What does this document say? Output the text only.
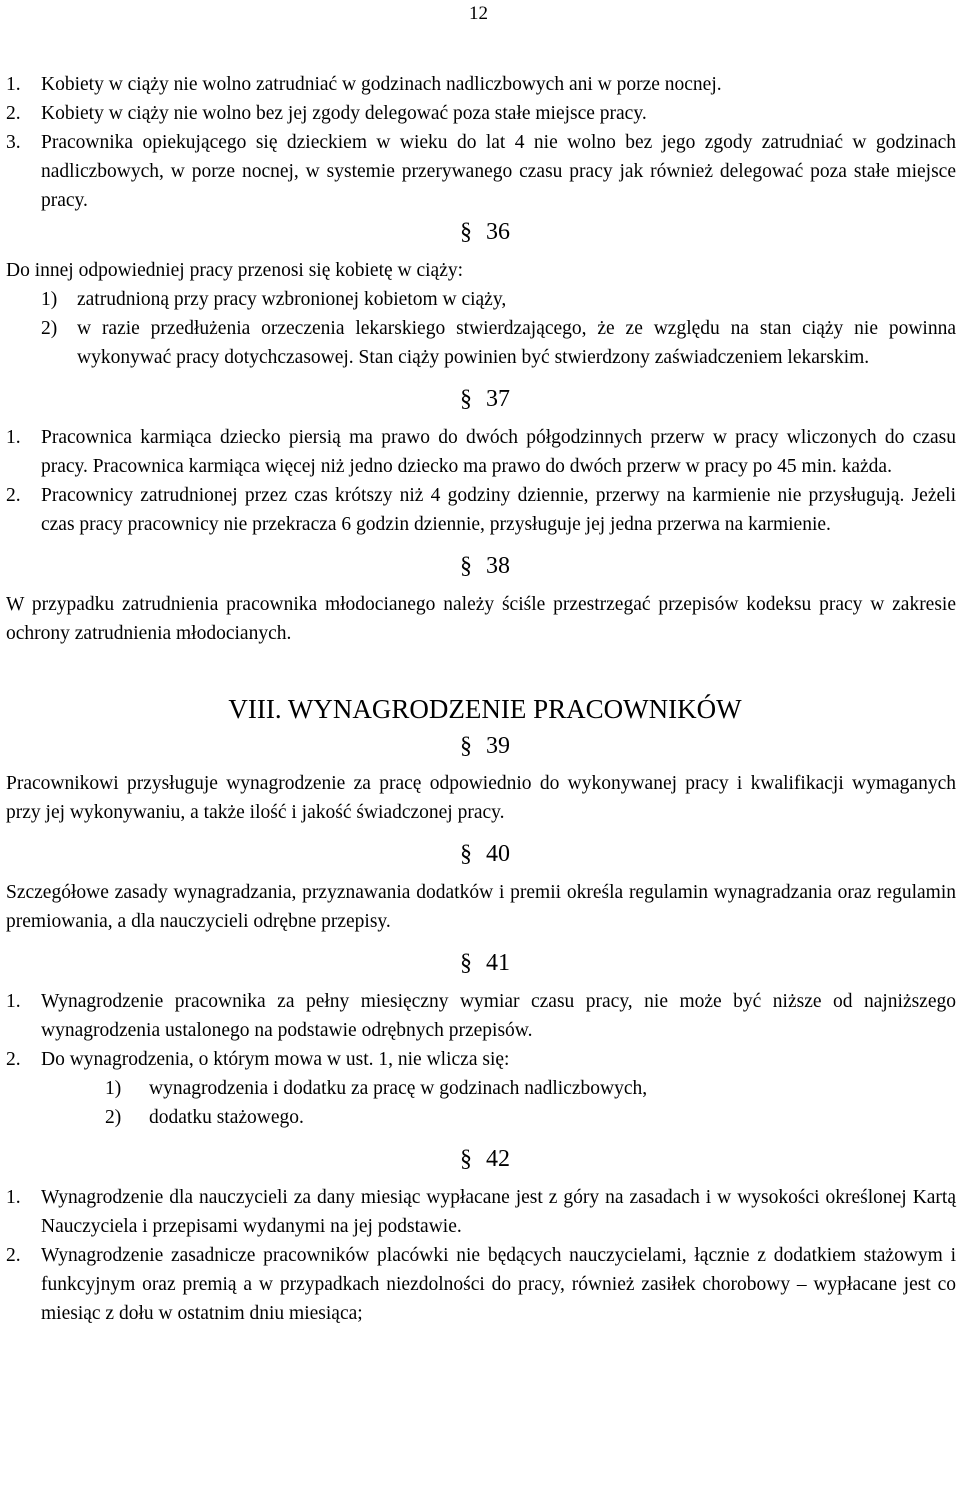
12
1. Kobiety w ciąży nie wolno zatrudniać w godzinach nadliczbowych ani w porze nocnej.
2. Kobiety w ciąży nie wolno bez jej zgody delegować poza stałe miejsce pracy.
3. Pracownika opiekującego się dzieckiem w wieku do lat 4 nie wolno bez jego zgody zatrudniać w godzinach nadliczbowych, w porze nocnej, w systemie przerywanego czasu pracy jak również delegować poza stałe miejsce pracy.
§ 36
Do innej odpowiedniej pracy przenosi się kobietę w ciąży:
1) zatrudnioną przy pracy wzbronionej kobietom w ciąży,
2) w razie przedłużenia orzeczenia lekarskiego stwierdzającego, że ze względu na stan ciąży nie powinna wykonywać pracy dotychczasowej. Stan ciąży powinien być stwierdzony zaświadczeniem lekarskim.
§ 37
1. Pracownica karmiąca dziecko piersią ma prawo do dwóch półgodzinnych przerw w pracy wliczonych do czasu pracy. Pracownica karmiąca więcej niż jedno dziecko ma prawo do dwóch przerw w pracy po 45 min. każda.
2. Pracownicy zatrudnionej przez czas krótszy niż 4 godziny dziennie, przerwy na karmienie nie przysługują. Jeżeli czas pracy pracownicy nie przekracza 6 godzin dziennie, przysługuje jej jedna przerwa na karmienie.
§ 38
W przypadku zatrudnienia pracownika młodocianego należy ściśle przestrzegać przepisów kodeksu pracy w zakresie ochrony zatrudnienia młodocianych.
VIII. WYNAGRODZENIE PRACOWNIKÓW
§ 39
Pracownikowi przysługuje wynagrodzenie za pracę odpowiednio do wykonywanej pracy i kwalifikacji wymaganych przy jej wykonywaniu, a także ilość i jakość świadczonej pracy.
§ 40
Szczegółowe zasady wynagradzania, przyznawania dodatków i premii określa regulamin wynagradzania oraz regulamin premiowania, a dla nauczycieli odrębne przepisy.
§ 41
1. Wynagrodzenie pracownika za pełny miesięczny wymiar czasu pracy, nie może być niższe od najniższego wynagrodzenia ustalonego na podstawie odrębnych przepisów.
2. Do wynagrodzenia, o którym mowa w ust. 1, nie wlicza się:
1) wynagrodzenia i dodatku za pracę w godzinach nadliczbowych,
2) dodatku stażowego.
§ 42
1. Wynagrodzenie dla nauczycieli za dany miesiąc wypłacane jest z góry na zasadach i w wysokości określonej Kartą Nauczyciela i przepisami wydanymi na jej podstawie.
2. Wynagrodzenie zasadnicze pracowników placówki nie będących nauczycielami, łącznie z dodatkiem stażowym i funkcyjnym oraz premią a w przypadkach niezdolności do pracy, również zasiłek chorobowy – wypłacane jest co miesiąc z dołu w ostatnim dniu miesiąca;
